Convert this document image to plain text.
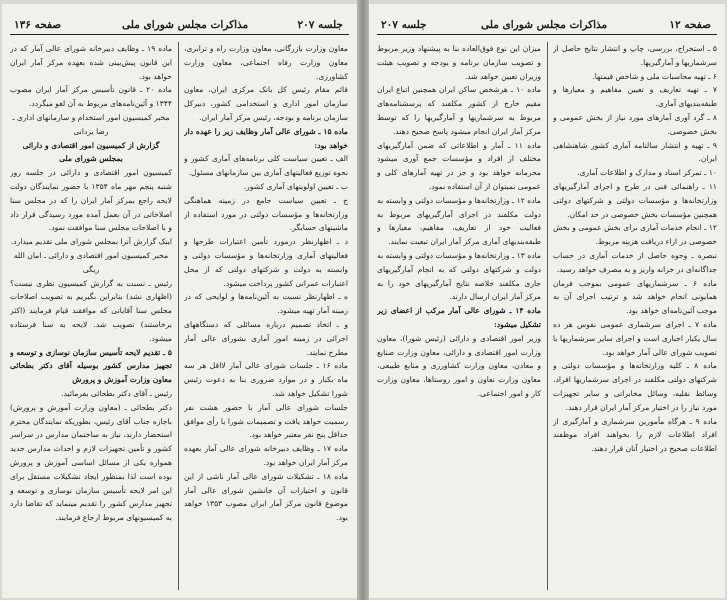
صفحه ۱۳۶	مذاکرات مجلس شورای ملی	جلسه ۲۰۷

معاون وزارت بازرگانی، معاون وزارت راه و ترابری، معاون وزارت رفاه اجتماعی، معاون وزارت کشاورزی.

قائم مقام رئیس کل بانک مرکزی ایران، معاون سازمان امور اداری و استخدامی کشور، دبیرکل سازمان برنامه و بودجه، رئیس مرکز آمار ایران.

ماده ۱۵ ـ شورای عالی آمار وظایف زیر را عهده دار خواهد بود:

الف ـ تعیین سیاست کلی برنامه‌های آماری کشور و نحوه توزیع فعالیتهای آماری بین سازمانهای مسئول.

ب ـ تعیین اولویتهای آماری کشور.

ج ـ تعیین سیاست جامع در زمینه هماهنگی وزارتخانه‌ها و مؤسسات دولتی در مورد استفاده از ماشینهای حسابگر.

د ـ اظهارنظر درمورد تأمین اعتبارات طرحها و فعالیتهای آماری وزارتخانه‌ها و مؤسسات دولتی و وابسته به دولت و شرکتهای دولتی که از محل اعتبارات عمرانی کشور پرداخت میشود.

ه ـ اظهارنظر نسبت به آئین‌نامه‌ها و لوایحی که در زمینه آمار تهیه میشود.

و ـ اتخاذ تصمیم درباره مسائلی که دستگاههای اجرائی در زمینه امور آماری بشورای عالی آمار مطرح نمایند.

ماده ۱۶ ـ جلسات شورای عالی آمار لااقل هر سه ماه یکبار و در موارد ضروری بنا به دعوت رئیس شورا تشکیل خواهد شد.

جلسات شورای عالی آمار با حضور هشت نفر رسمیت خواهد یافت و تصمیمات شورا با رأی موافق حداقل پنج نفر معتبر خواهد بود.

ماده ۱۷ ـ وظایف دبیرخانه شورای عالی آمار بعهده مرکز آمار ایران خواهد بود.

ماده ۱۸ ـ تشکیلات شورای عالی آمار ناشی از این قانون و اختیارات آن جانشین شورای عالی آمار موضوع قانون مرکز آمار ایران مصوب ۱۳۵۳ خواهد بود.

ماده ۱۹ ـ وظایف دبیرخانه شورای عالی آمار که در این قانون پیش‌بینی شده بعهده مرکز آمار ایران خواهد بود.

ماده ۲۰ ـ قانون تأسیس مرکز آمار ایران مصوب ۱۳۴۴ و آئین‌نامه‌های مربوط به آن لغو میگردد.

مخبر کمیسیون امور استخدام و سازمانهای اداری ـ رضا یزدانی

گزارش از کمیسیون امور اقتصادی و دارائی بمجلس شورای ملی

کمیسیون امور اقتصادی و دارائی در جلسه روز شنبه پنجم مهر ماه ۱۳۵۴ با حضور نمایندگان دولت لایحه راجع بمرکز آمار ایران را که در مجلس سنا اصلاحاتی در آن بعمل آمده مورد رسیدگی قرار داد و با اصلاحات مجلس سنا موافقت نمود.

اینک گزارش آنرا بمجلس شورای ملی تقدیم میدارد.

مخبر کمیسیون امور اقتصادی و دارائی ـ امان الله ریگی

رئیس ـ نسبت به گزارش کمیسیون نظری نیست؟ (اظهاری نشد) بنابراین بگیریم به تصویب اصلاحات مجلس سنا آقایانی که موافقند قیام فرمایند (اکثر برخاستند) تصویب شد. لایحه به سنا فرستاده میشود.

۵ ـ تقدیم لایحه تأسیس سازمان نوسازی و توسعه و تجهیز مدارس کشور بوسیله آقای دکتر بطحائی معاون وزارت آموزش و پرورش

رئیس ـ آقای دکتر بطحائی بفرمائید.

دکتر بطحائی ـ (معاون وزارت آموزش و پرورش) باجازه جناب آقای رئیس، بطوریکه نمایندگان محترم استحضار دارند، نیاز به ساختمان مدارس در سراسر کشور و تأمین تجهیزات لازم و احداث مدارس جدید همواره یکی از مسائل اساسی آموزش و پرورش بوده است لذا بمنظور ایجاد تشکیلات مستقل برای این امر لایحه تأسیس سازمان نوسازی و توسعه و تجهیز مدارس کشور را تقدیم مینماید که تقاضا دارد به کمیسیونهای مربوط ارجاع فرمایند.

جلسه ۲۰۷	مذاکرات مجلس شورای ملی	صفحه ۱۲

۵ ـ استخراج، بررسی، چاپ و انتشار نتایج حاصل از سرشماریها و آمارگیریها.

۶ ـ تهیه محاسبات ملی و شاخص قیمتها.

۷ ـ تهیه تعاریف و تعیین مفاهیم و معیارها و طبقه‌بندیهای آماری.

۸ ـ گرد آوری آمارهای مورد نیاز از بخش عمومی و بخش خصوصی.

۹ ـ تهیه و انتشار سالنامه آماری کشور شاهنشاهی ایران.

۱۰ ـ تمرکز اسناد و مدارک و اطلاعات آماری.

۱۱ ـ راهنمائی فنی در طرح و اجرای آمارگیریهای وزارتخانه‌ها و مؤسسات دولتی و شرکتهای دولتی همچنین مؤسسات بخش خصوصی در حد امکان.

۱۲ ـ انجام خدمات آماری برای بخش عمومی و بخش خصوصی در ازاء دریافت هزینه مربوط.

تبصره ـ وجوه حاصل از خدمات آماری در حساب جداگانه‌ای در خزانه واریز و به مصرف خواهد رسید.

ماده ۶ ـ سرشماریهای عمومی بموجب فرمان همایونی انجام خواهد شد و ترتیب اجرای آن به موجب آئین‌نامه‌ای خواهد بود.

ماده ۷ ـ اجرای سرشماری عمومی نفوس هر ده سال یکبار اجباری است و اجرای سایر سرشماریها با تصویب شورای عالی آمار خواهد بود.

ماده ۸ ـ کلیه وزارتخانه‌ها و مؤسسات دولتی و شرکتهای دولتی مکلفند در اجرای سرشماریها افراد، وسائط نقلیه، وسائل مخابراتی و سایر تجهیزات مورد نیاز را در اختیار مرکز آمار ایران قرار دهند.

ماده ۹ ـ هرگاه مأمورین سرشماری و آمارگیری از افراد اطلاعات لازم را بخواهند افراد موظفند اطلاعات صحیح در اختیار آنان قرار دهند.

میزان این نوع فوق‌العاده بنا به پیشنهاد وزیر مربوط و تصویب سازمان برنامه و بودجه و تصویب هیئت وزیران تعیین خواهد شد.

ماده ۱۰ ـ هرشخص ساکن ایران همچنین اتباع ایران مقیم خارج از کشور مکلفند که پرسشنامه‌های مربوط به سرشماریها و آمارگیریها را که توسط مرکز آمار ایران انجام میشود پاسخ صحیح دهند.

ماده ۱۱ ـ آمار و اطلاعاتی که ضمن آمارگیریهای مختلف از افراد و مؤسسات جمع آوری میشود محرمانه خواهد بود و جز در تهیه آمارهای کلی و عمومی نمیتوان از آن استفاده نمود.

ماده ۱۲ ـ وزارتخانه‌ها و مؤسسات دولتی و وابسته به دولت مکلفند در اجرای آمارگیریهای مربوط به فعالیت خود از تعاریف، مفاهیم، معیارها و طبقه‌بندیهای آماری مرکز آمار ایران تبعیت نمایند.

ماده ۱۳ ـ وزارتخانه‌ها و مؤسسات دولتی و وابسته به دولت و شرکتهای دولتی که به انجام آمارگیریهای جاری مکلفند خلاصه نتایج آمارگیریهای خود را به مرکز آمار ایران ارسال دارند.

ماده ۱۴ ـ شورای عالی آمار مرکب از اعضای زیر تشکیل میشود:

وزیر امور اقتصادی و دارائی (رئیس شورا)، معاون وزارت امور اقتصادی و دارائی، معاون وزارت صنایع و معادن، معاون وزارت کشاورزی و منابع طبیعی، معاون وزارت تعاون و امور روستاها، معاون وزارت کار و امور اجتماعی.
